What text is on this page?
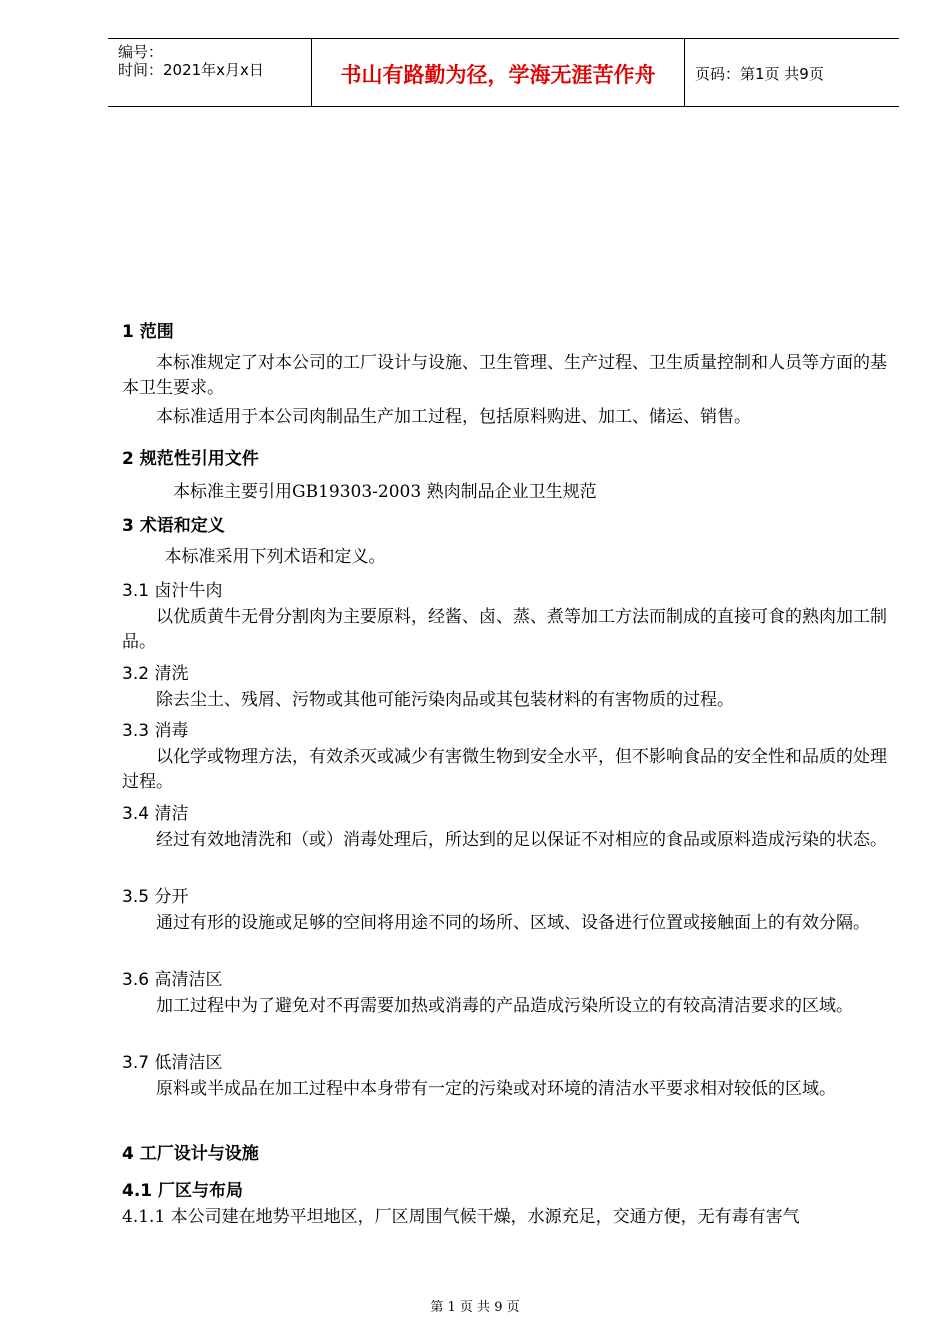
编号：
时间：2021年x月x日	书山有路勤为径，学海无涯苦作舟	页码：第1页 共9页
1 范围
本标准规定了对本公司的工厂设计与设施、卫生管理、生产过程、卫生质量控制和人员等方面的基本卫生要求。
本标准适用于本公司肉制品生产加工过程，包括原料购进、加工、储运、销售。
2 规范性引用文件
本标准主要引用GB19303-2003 熟肉制品企业卫生规范
3 术语和定义
本标准采用下列术语和定义。
3.1 卤汁牛肉
以优质黄牛无骨分割肉为主要原料，经酱、卤、蒸、煮等加工方法而制成的直接可食的熟肉加工制品。
3.2 清洗
除去尘土、残屑、污物或其他可能污染肉品或其包装材料的有害物质的过程。
3.3 消毒
以化学或物理方法，有效杀灭或减少有害微生物到安全水平，但不影响食品的安全性和品质的处理过程。
3.4 清洁
经过有效地清洗和（或）消毒处理后，所达到的足以保证不对相应的食品或原料造成污染的状态。
3.5 分开
通过有形的设施或足够的空间将用途不同的场所、区域、设备进行位置或接触面上的有效分隔。
3.6 高清洁区
加工过程中为了避免对不再需要加热或消毒的产品造成污染所设立的有较高清洁要求的区域。
3.7 低清洁区
原料或半成品在加工过程中本身带有一定的污染或对环境的清洁水平要求相对较低的区域。
4 工厂设计与设施
4.1 厂区与布局
4.1.1 本公司建在地势平坦地区，厂区周围气候干燥，水源充足，交通方便，无有毒有害气
第 1 页 共 9 页
